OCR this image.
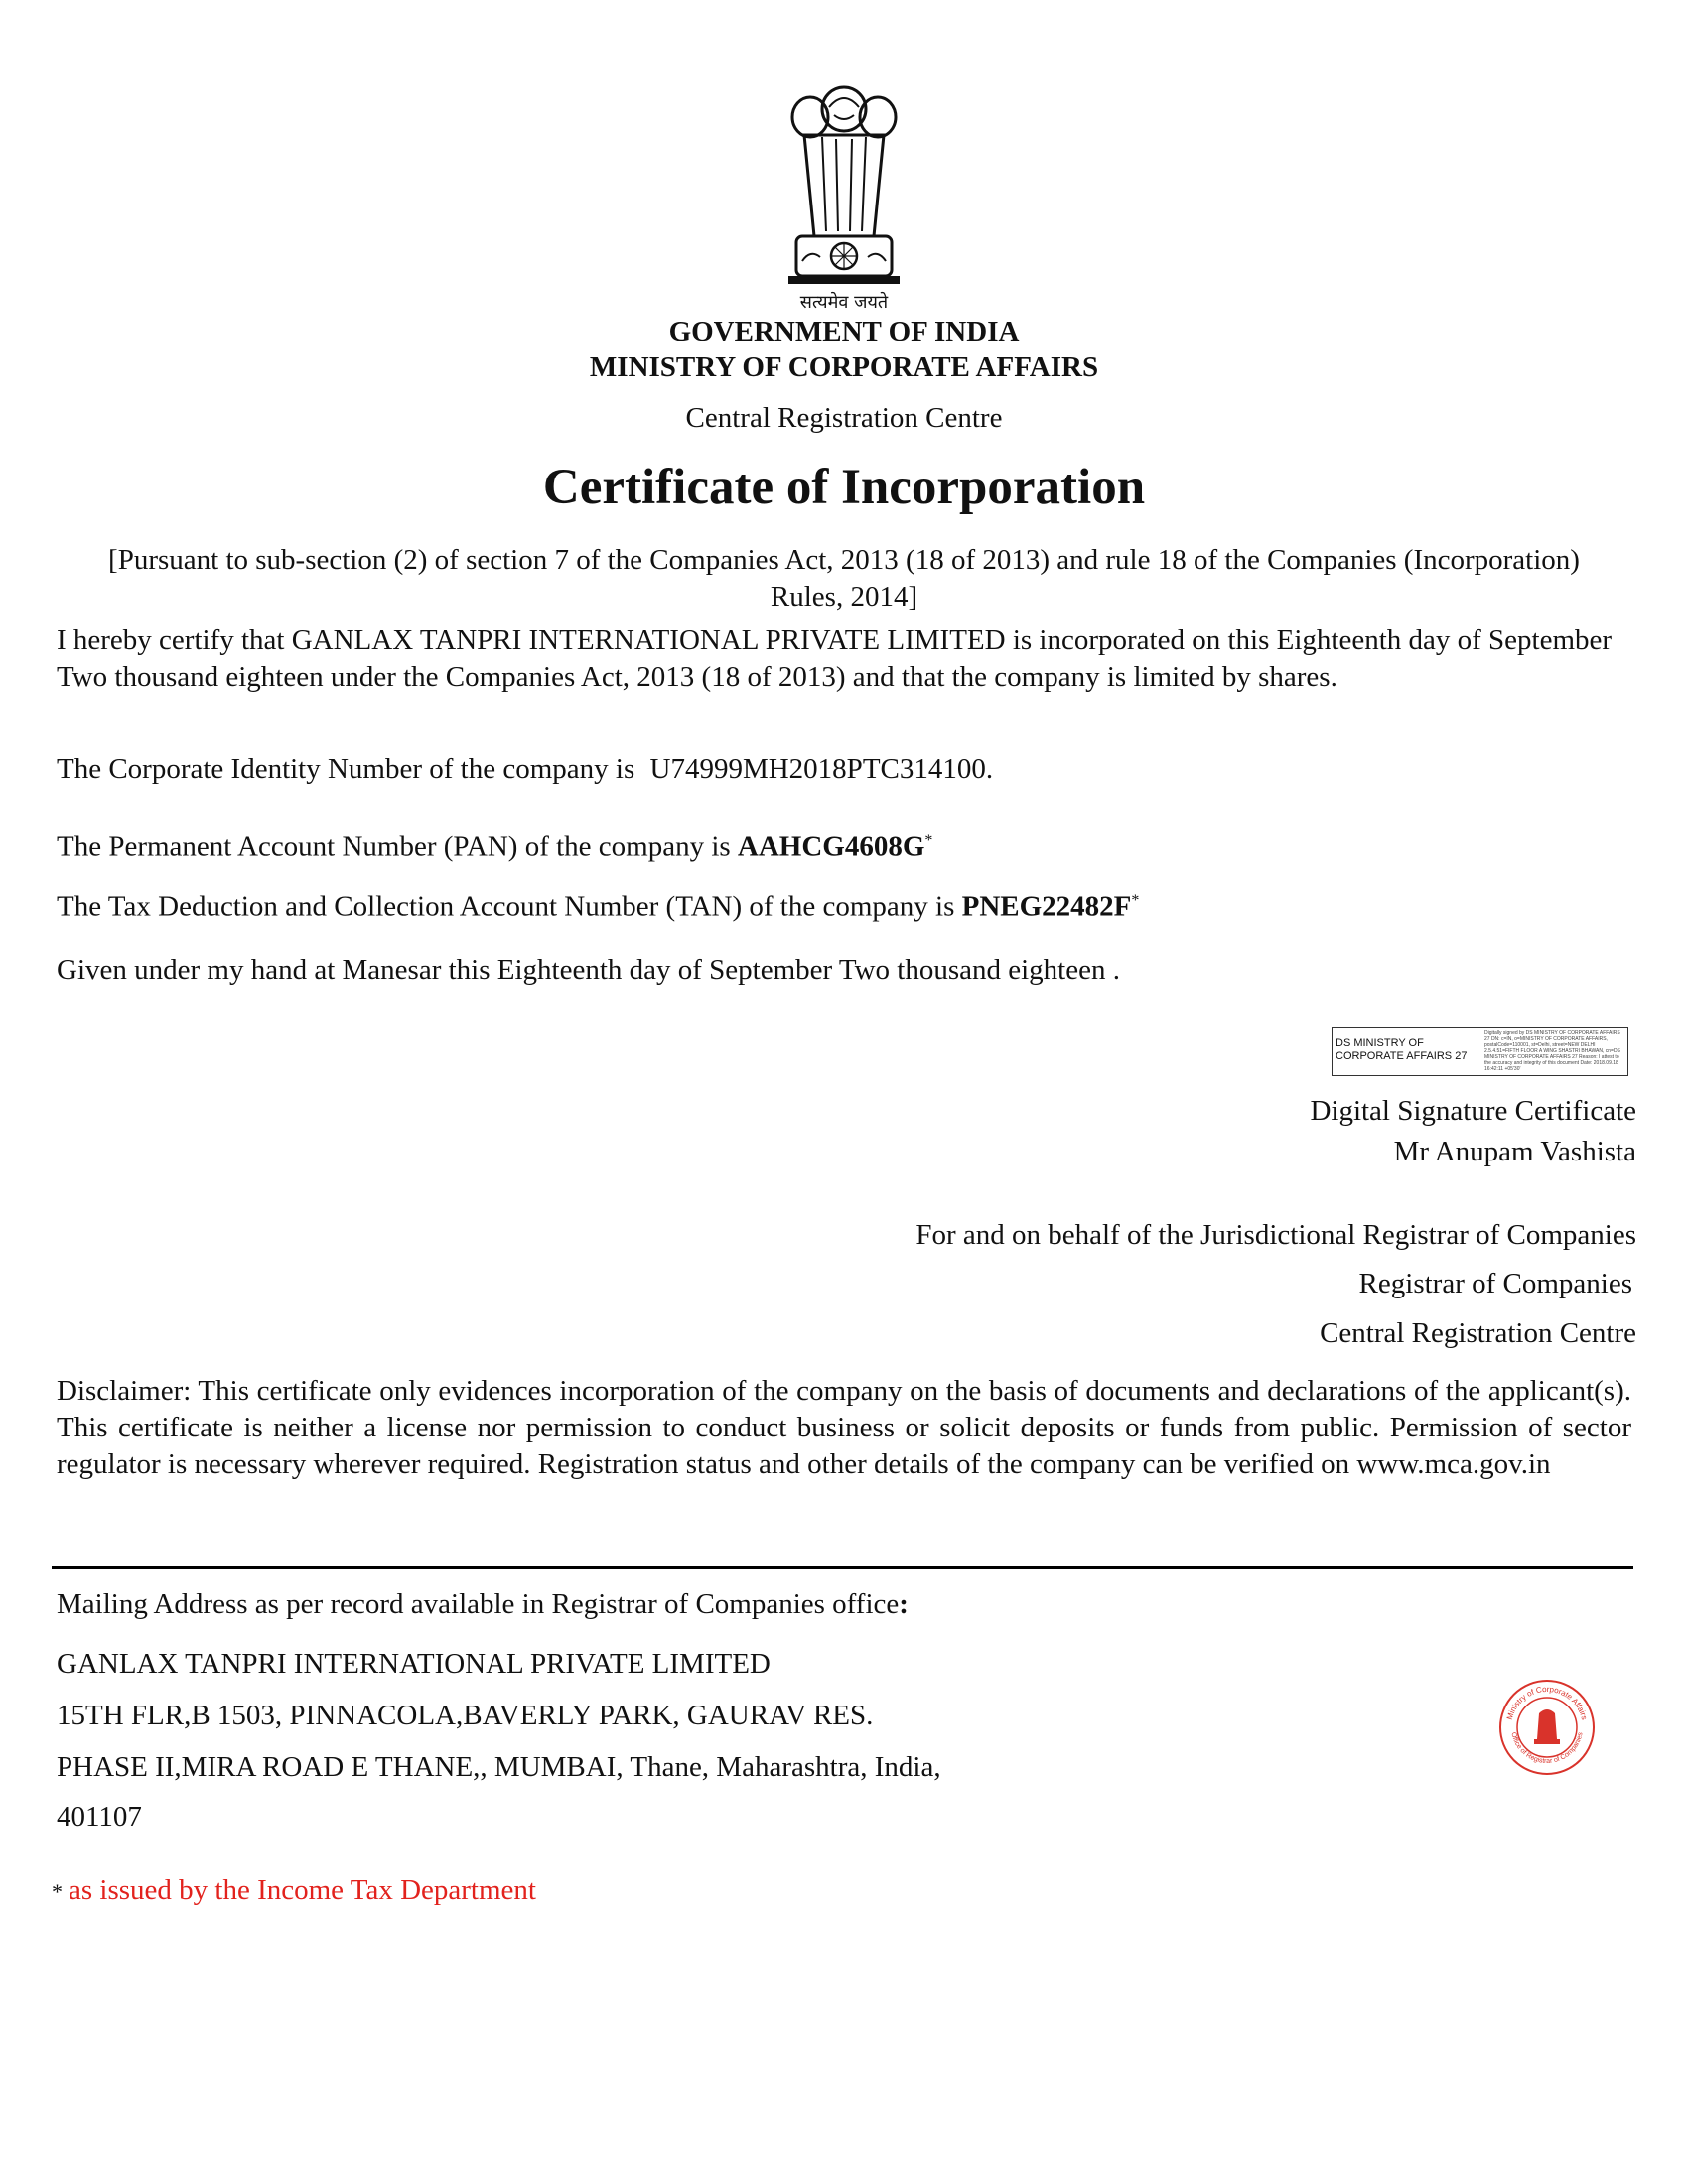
सत्यमेव जयते
GOVERNMENT OF INDIA
MINISTRY OF CORPORATE AFFAIRS
Central Registration Centre
Certificate of Incorporation
[Pursuant to sub-section (2) of section 7 of the Companies Act, 2013 (18 of 2013) and rule 18 of the Companies (Incorporation) Rules, 2014]
I hereby certify that GANLAX TANPRI INTERNATIONAL PRIVATE LIMITED is incorporated on this Eighteenth day of September Two thousand eighteen under the Companies Act, 2013 (18 of 2013) and that the company is limited by shares.
The Corporate Identity Number of the company is U74999MH2018PTC314100.
The Permanent Account Number (PAN) of the company is AAHCG4608G*
The Tax Deduction and Collection Account Number (TAN) of the company is PNEG22482F*
Given under my hand at Manesar this Eighteenth day of September Two thousand eighteen .
DS MINISTRY OF
CORPORATE AFFAIRS 27
Digitally signed by DS MINISTRY OF CORPORATE AFFAIRS 27 DN: c=IN, o=MINISTRY OF CORPORATE AFFAIRS, postalCode=110001, st=Delhi, street=NEW DELHI 2.5.4.51=FIFTH FLOOR A WING SHASTRI BHAWAN, cn=DS MINISTRY OF CORPORATE AFFAIRS 27 Reason: I attest to the accuracy and integrity of this document Date: 2018.09.18 16:42:11 +05'30'
Digital Signature Certificate
Mr Anupam Vashista
For and on behalf of the Jurisdictional Registrar of Companies
Registrar of Companies
Central Registration Centre
Disclaimer: This certificate only evidences incorporation of the company on the basis of documents and declarations of the applicant(s). This certificate is neither a license nor permission to conduct business or solicit deposits or funds from public. Permission of sector regulator is necessary wherever required. Registration status and other details of the company can be verified on www.mca.gov.in
Mailing Address as per record available in Registrar of Companies office:
GANLAX TANPRI INTERNATIONAL PRIVATE LIMITED
15TH FLR,B 1503, PINNACOLA,BAVERLY PARK, GAURAV RES.
PHASE II,MIRA ROAD E THANE,, MUMBAI, Thane, Maharashtra, India,
401107
Ministry of Corporate Affairs
Office of Registrar of Companies
* as issued by the Income Tax Department
